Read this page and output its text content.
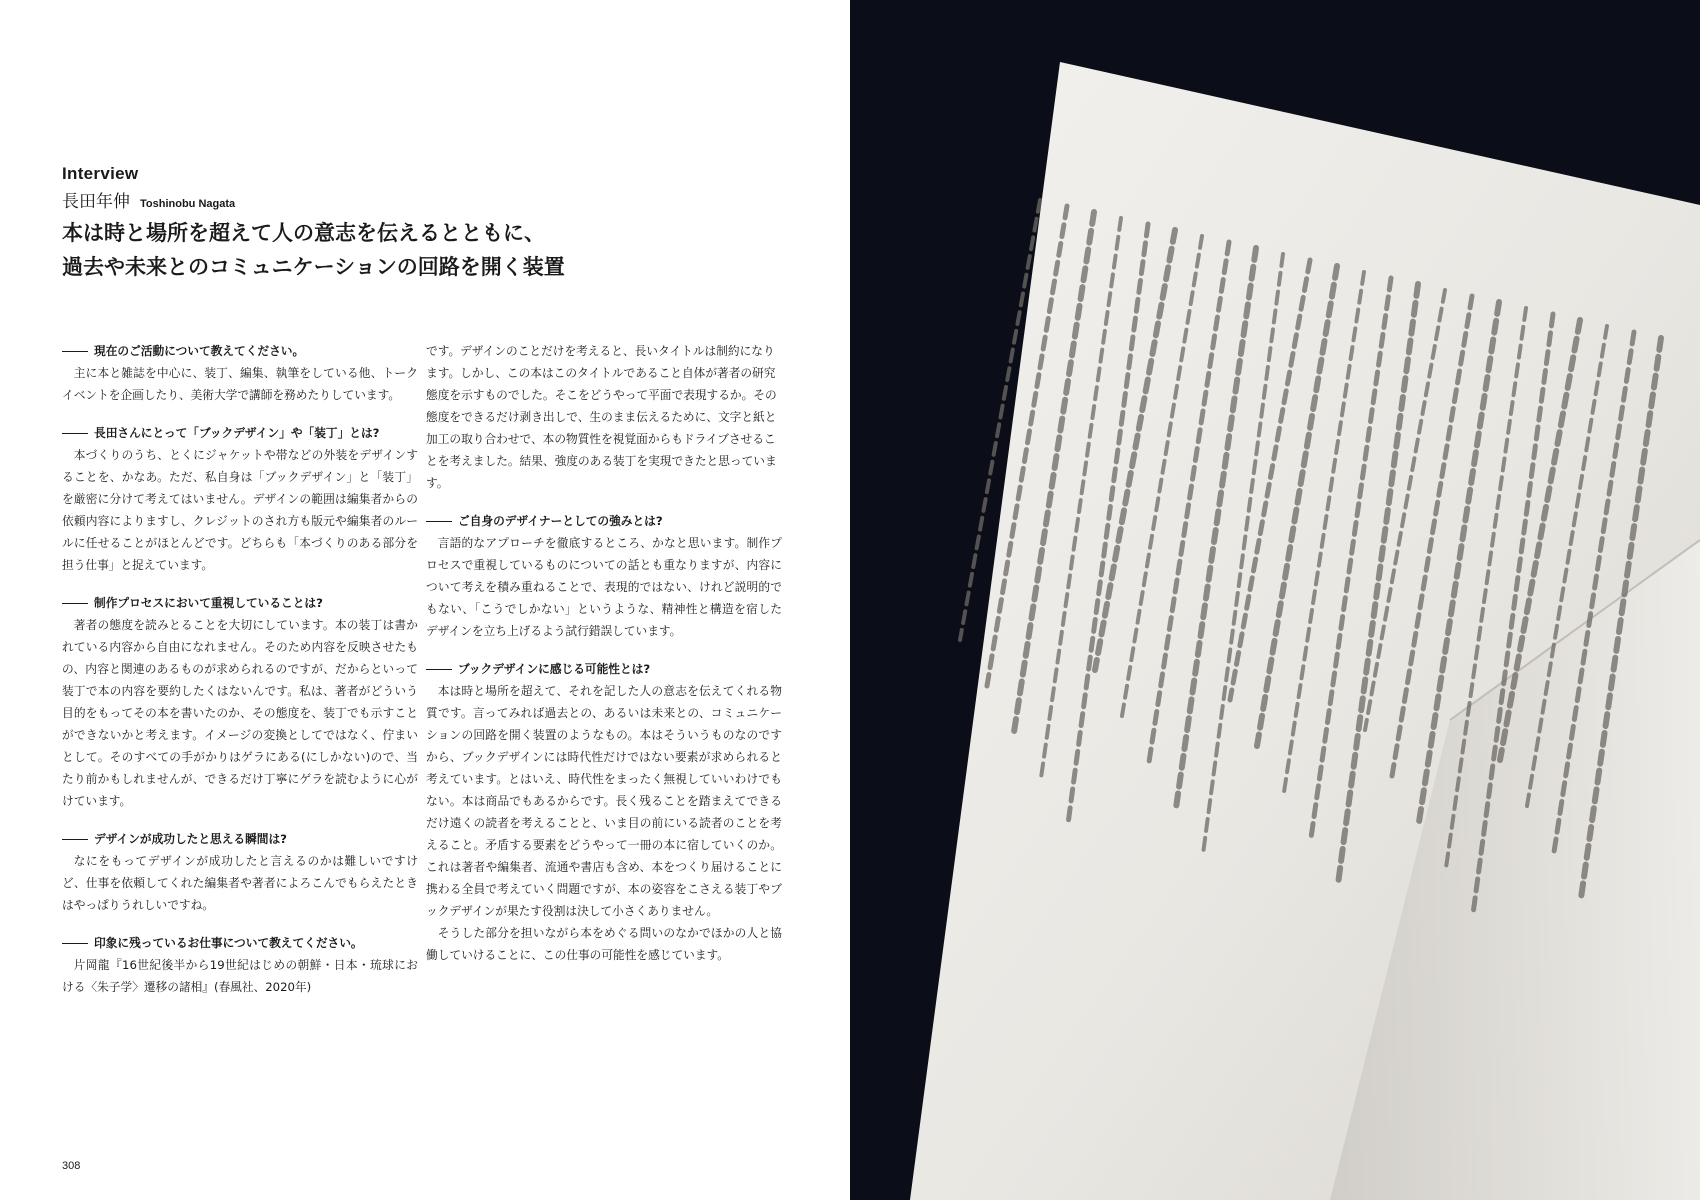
Interview
長田年伸 Toshinobu Nagata
本は時と場所を超えて人の意志を伝えるとともに、
過去や未来とのコミュニケーションの回路を開く装置
現在のご活動について教えてください。
主に本と雑誌を中心に、装丁、編集、執筆をしている他、トークイベントを企画したり、美術大学で講師を務めたりしています。
長田さんにとって「ブックデザイン」や「装丁」とは?
本づくりのうち、とくにジャケットや帯などの外装をデザインすることを、かなあ。ただ、私自身は「ブックデザイン」と「装丁」を厳密に分けて考えてはいません。デザインの範囲は編集者からの依頼内容によりますし、クレジットのされ方も版元や編集者のルールに任せることがほとんどです。どちらも「本づくりのある部分を担う仕事」と捉えています。
制作プロセスにおいて重視していることは?
著者の態度を読みとることを大切にしています。本の装丁は書かれている内容から自由になれません。そのため内容を反映させたもの、内容と関連のあるものが求められるのですが、だからといって装丁で本の内容を要約したくはないんです。私は、著者がどういう目的をもってその本を書いたのか、その態度を、装丁でも示すことができないかと考えます。イメージの変換としてではなく、佇まいとして。そのすべての手がかりはゲラにある(にしかない)ので、当たり前かもしれませんが、できるだけ丁寧にゲラを読むように心がけています。
デザインが成功したと思える瞬間は?
なにをもってデザインが成功したと言えるのかは難しいですけど、仕事を依頼してくれた編集者や著者によろこんでもらえたときはやっぱりうれしいですね。
印象に残っているお仕事について教えてください。
片岡龍『16世紀後半から19世紀はじめの朝鮮・日本・琉球における〈朱子学〉遷移の諸相』(春風社、2020年)
です。デザインのことだけを考えると、長いタイトルは制約になります。しかし、この本はこのタイトルであること自体が著者の研究態度を示すものでした。そこをどうやって平面で表現するか。その態度をできるだけ剥き出しで、生のまま伝えるために、文字と紙と加工の取り合わせで、本の物質性を視覚面からもドライブさせることを考えました。結果、強度のある装丁を実現できたと思っています。
ご自身のデザイナーとしての強みとは?
言語的なアプローチを徹底するところ、かなと思います。制作プロセスで重視しているものについての話とも重なりますが、内容について考えを積み重ねることで、表現的ではない、けれど説明的でもない、「こうでしかない」というような、精神性と構造を宿したデザインを立ち上げるよう試行錯誤しています。
ブックデザインに感じる可能性とは?
本は時と場所を超えて、それを記した人の意志を伝えてくれる物質です。言ってみれば過去との、あるいは未来との、コミュニケーションの回路を開く装置のようなもの。本はそういうものなのですから、ブックデザインには時代性だけではない要素が求められると考えています。とはいえ、時代性をまったく無視していいわけでもない。本は商品でもあるからです。長く残ることを踏まえてできるだけ遠くの読者を考えることと、いま目の前にいる読者のことを考えること。矛盾する要素をどうやって一冊の本に宿していくのか。これは著者や編集者、流通や書店も含め、本をつくり届けることに携わる全員で考えていく問題ですが、本の姿容をこさえる装丁やブックデザインが果たす役割は決して小さくありません。
そうした部分を担いながら本をめぐる問いのなかでほかの人と協働していけることに、この仕事の可能性を感じています。
308
